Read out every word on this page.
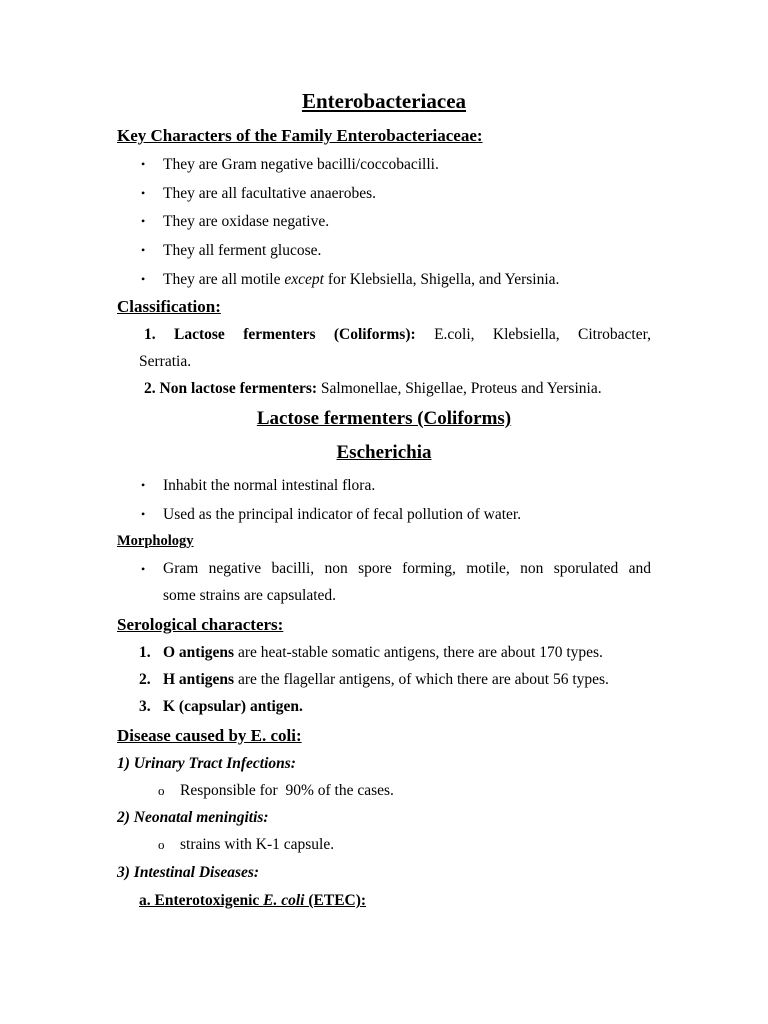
Enterobacteriacea
Key Characters of the Family Enterobacteriaceae:
• They are Gram negative bacilli/coccobacilli.
• They are all facultative anaerobes.
• They are oxidase negative.
• They all ferment glucose.
• They are all motile except for Klebsiella, Shigella, and Yersinia.
Classification:
1. Lactose fermenters (Coliforms): E.coli, Klebsiella, Citrobacter,
Serratia.
2. Non lactose fermenters: Salmonellae, Shigellae, Proteus and Yersinia.
Lactose fermenters (Coliforms)
Escherichia
• Inhabit the normal intestinal flora.
• Used as the principal indicator of fecal pollution of water.
Morphology
•	Gram negative bacilli, non spore forming, motile, non sporulated and
some strains are capsulated.
Serological characters:
1. O antigens are heat-stable somatic antigens, there are about 170 types.
2. H antigens are the flagellar antigens, of which there are about 56 types.
3. K (capsular) antigen.
Disease caused by E. coli:
1) Urinary Tract Infections:
o Responsible for  90% of the cases.
2) Neonatal meningitis:
o strains with K-1 capsule.
3) Intestinal Diseases:
a. Enterotoxigenic E. coli (ETEC):
